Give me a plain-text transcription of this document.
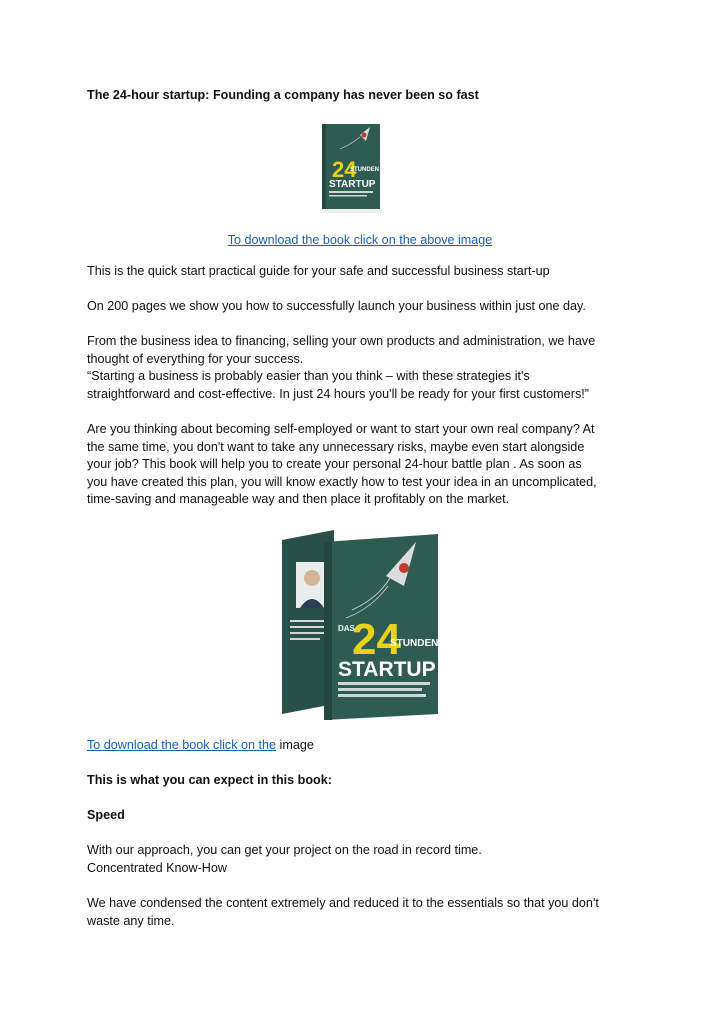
The 24-hour startup: Founding a company has never been so fast

24
STUNDEN
STARTUP

To download the book click on the above image

This is the quick start practical guide for your safe and successful business start-up

On 200 pages we show you how to successfully launch your business within just one day.

From the business idea to financing, selling your own products and administration, we have

thought of everything for your success.

“Starting a business is probably easier than you think – with these strategies it's

straightforward and cost-effective. In just 24 hours you'll be ready for your first customers!”

Are you thinking about becoming self-employed or want to start your own real company? At

the same time, you don't want to take any unnecessary risks, maybe even start alongside

your job? This book will help you to create your personal 24-hour battle plan . As soon as

you have created this plan, you will know exactly how to test your idea in an uncomplicated,

time-saving and manageable way and then place it profitably on the market.

DAS
24
STUNDEN
STARTUP

To download the book click on the image

This is what you can expect in this book:

Speed

With our approach, you can get your project on the road in record time.

Concentrated Know-How

We have condensed the content extremely and reduced it to the essentials so that you don't

waste any time.
